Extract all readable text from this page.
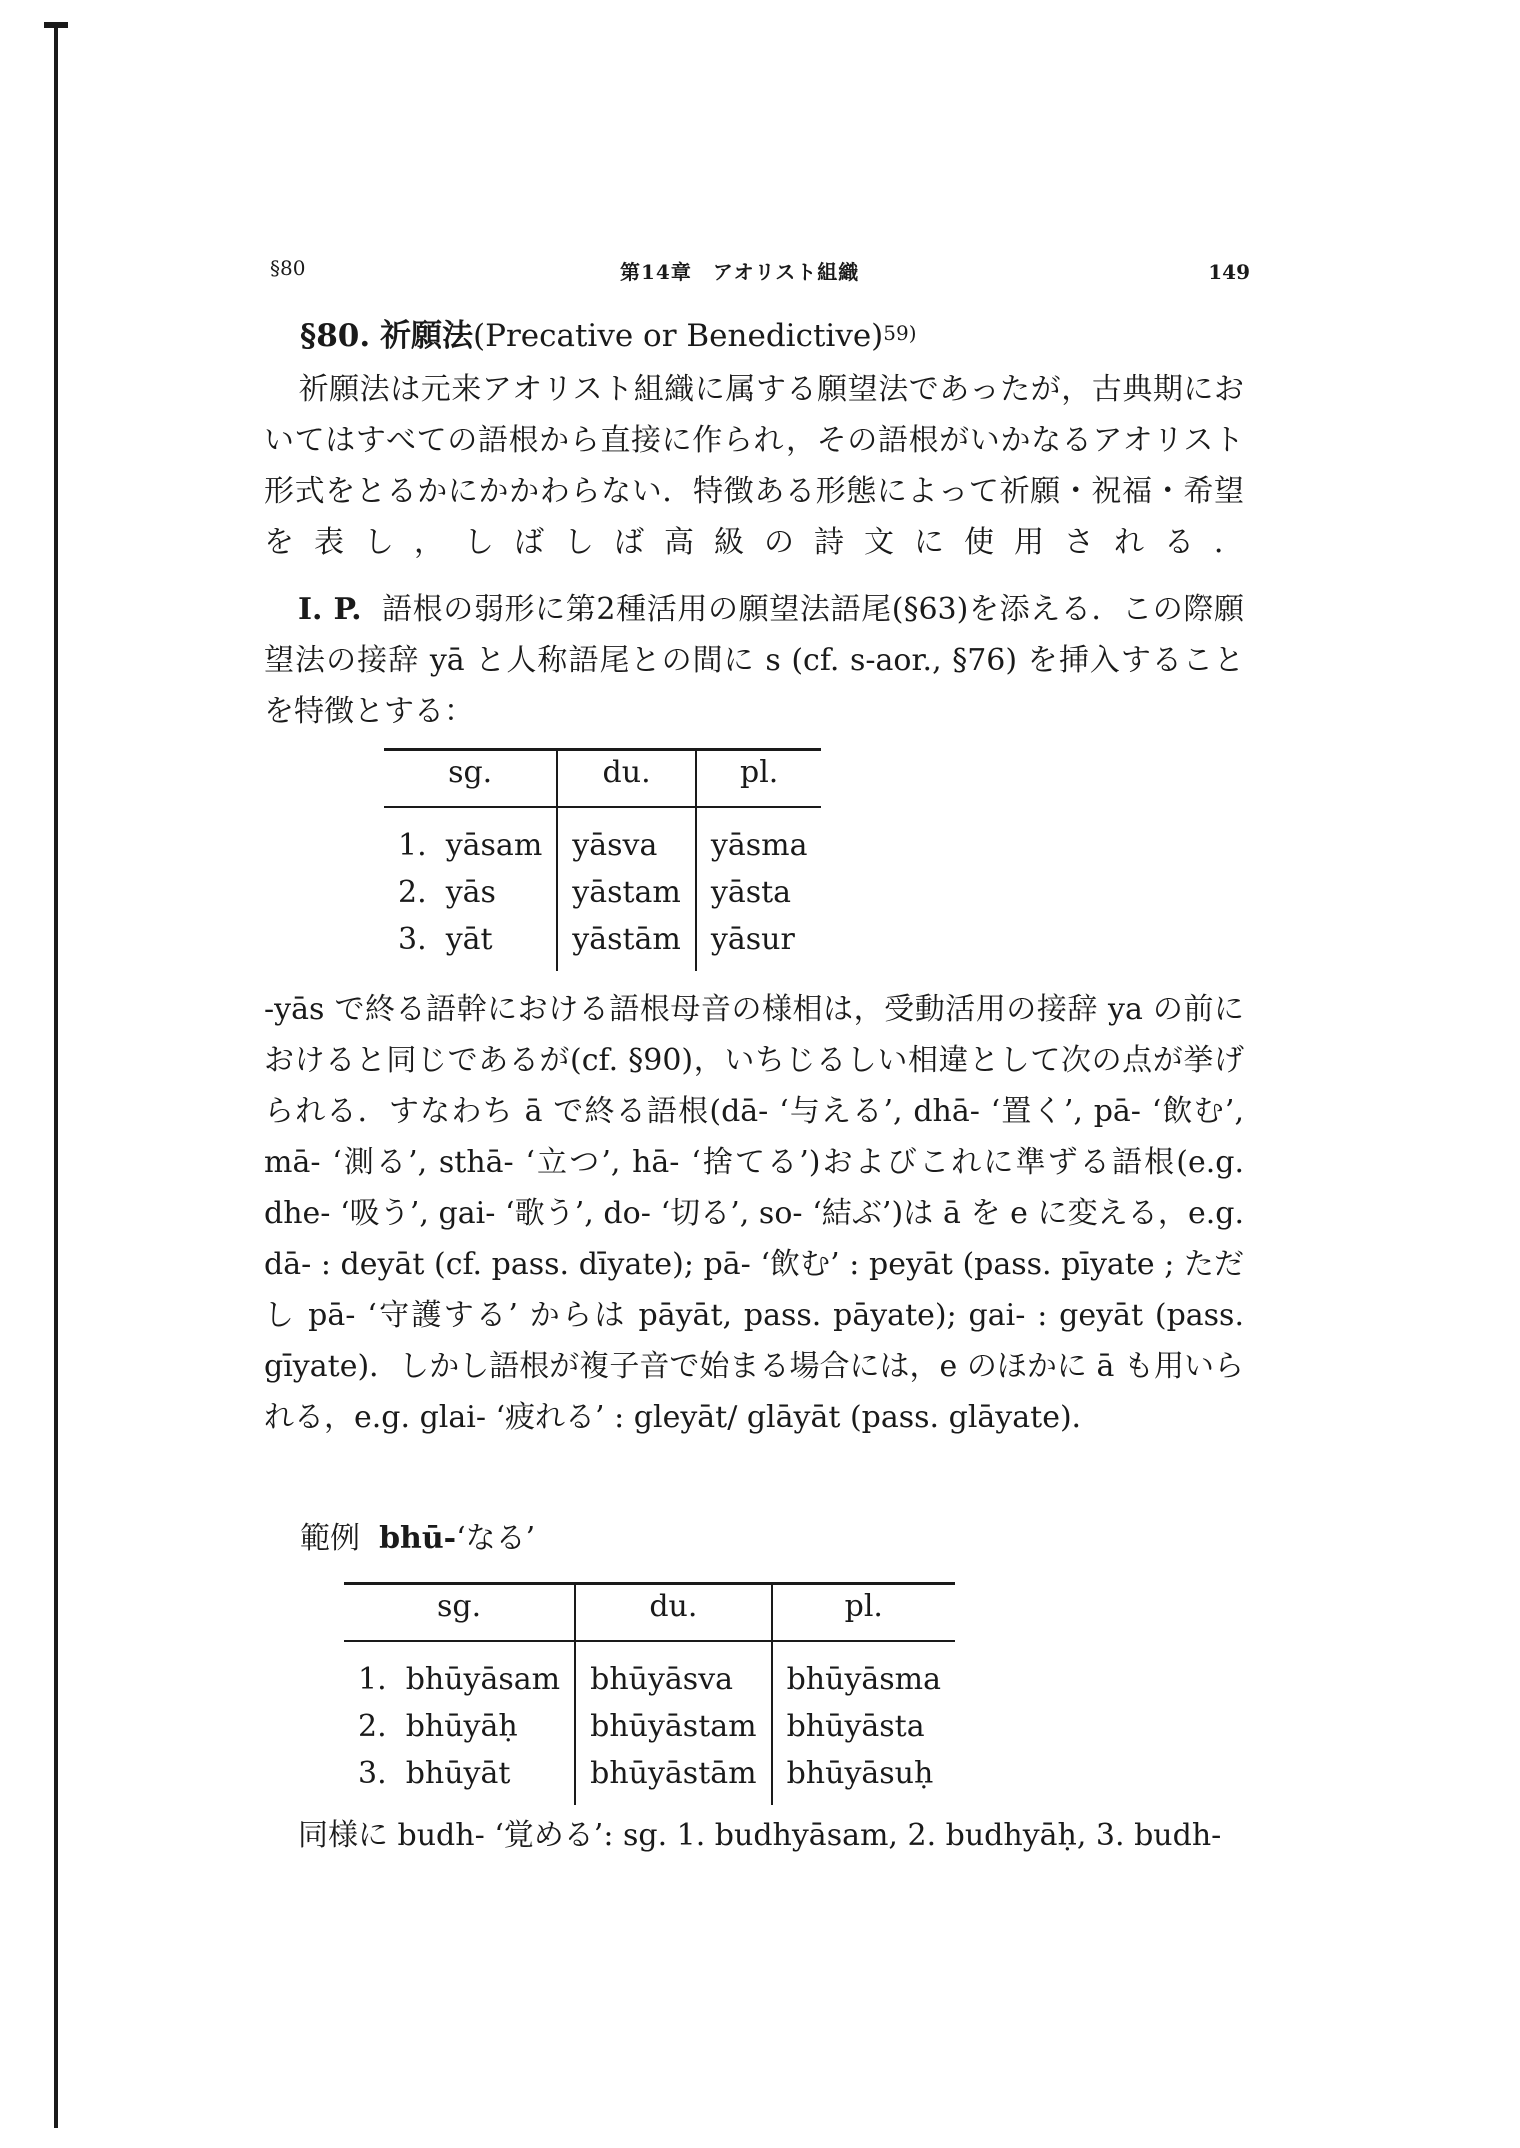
§80	第14章　アオリスト組織	149
§80. 祈願法(Precative or Benedictive)$^{59)}$
祈願法は元来アオリスト組織に属する願望法であったが，古典期においてはすべての語根から直接に作られ，その語根がいかなるアオリスト形式をとるかにかかわらない．特徴ある形態によって祈願・祝福・希望を表し，しばしば高級の詩文に使用される．
I. P. 語根の弱形に第2種活用の願望法語尾(§63)を添える．この際願望法の接辞 yā と人称語尾との間に s (cf. s-aor., §76) を挿入することを特徴とする：
sg.	du.	pl.
1. yāsam	yāsva	yāsma
2. yās	yāstam	yāsta
3. yāt	yāstām	yāsur
-yās で終る語幹における語根母音の様相は，受動活用の接辞 ya の前におけると同じであるが(cf. §90)，いちじるしい相違として次の点が挙げられる．すなわち ā で終る語根(dā- ‘与える’, dhā- ‘置く’, pā- ‘飲む’, mā- ‘測る’, sthā- ‘立つ’, hā- ‘捨てる’)およびこれに準ずる語根(e.g. dhe- ‘吸う’, gai- ‘歌う’, do- ‘切る’, so- ‘結ぶ’)は ā を e に変える，e.g. dā- : deyāt (cf. pass. dīyate); pā- ‘飲む’ : peyāt (pass. pīyate ; ただし pā- ‘守護する’ からは pāyāt, pass. pāyate); gai- : geyāt (pass. gīyate)．しかし語根が複子音で始まる場合には，e のほかに ā も用いられる，e.g. glai- ‘疲れる’ : gleyāt/ glāyāt (pass. glāyate)．
範例 bhū-‘なる’
sg.	du.	pl.
1. bhūyāsam	bhūyāsva	bhūyāsma
2. bhūyāḥ	bhūyāstam	bhūyāsta
3. bhūyāt	bhūyāstām	bhūyāsuḥ
同様に budh- ‘覚める’: sg. 1. budhyāsam, 2. budhyāḥ, 3. budh-
